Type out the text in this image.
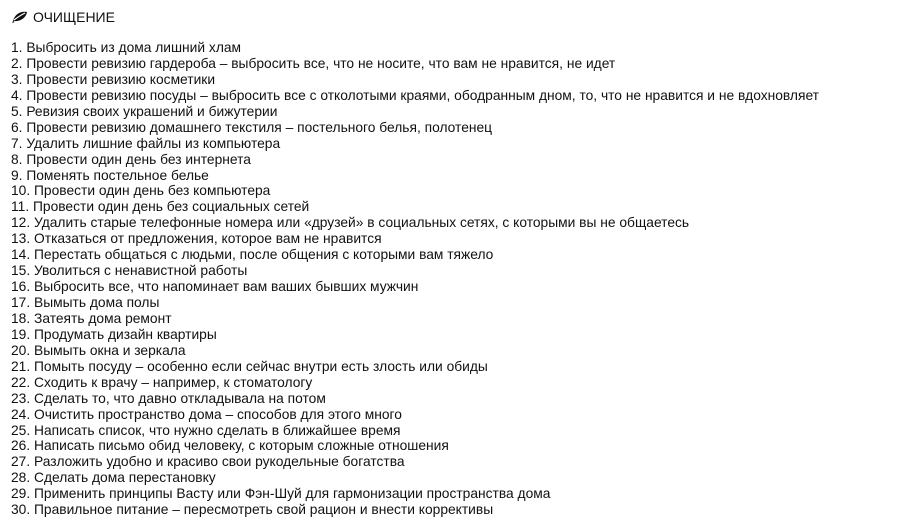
ОЧИЩЕНИЕ
1. Выбросить из дома лишний хлам
2. Провести ревизию гардероба – выбросить все, что не носите, что вам не нравится, не идет
3. Провести ревизию косметики
4. Провести ревизию посуды – выбросить все с отколотыми краями, ободранным дном, то, что не нравится и не вдохновляет
5. Ревизия своих украшений и бижутерии
6. Провести ревизию домашнего текстиля – постельного белья, полотенец
7. Удалить лишние файлы из компьютера
8. Провести один день без интернета
9. Поменять постельное белье
10. Провести один день без компьютера
11. Провести один день без социальных сетей
12. Удалить старые телефонные номера или «друзей» в социальных сетях, с которыми вы не общаетесь
13. Отказаться от предложения, которое вам не нравится
14. Перестать общаться с людьми, после общения с которыми вам тяжело
15. Уволиться с ненавистной работы
16. Выбросить все, что напоминает вам ваших бывших мужчин
17. Вымыть дома полы
18. Затеять дома ремонт
19. Продумать дизайн квартиры
20. Вымыть окна и зеркала
21. Помыть посуду – особенно если сейчас внутри есть злость или обиды
22. Сходить к врачу – например, к стоматологу
23. Сделать то, что давно откладывала на потом
24. Очистить пространство дома – способов для этого много
25. Написать список, что нужно сделать в ближайшее время
26. Написать письмо обид человеку, с которым сложные отношения
27. Разложить удобно и красиво свои рукодельные богатства
28. Сделать дома перестановку
29. Применить принципы Васту или Фэн-Шуй для гармонизации пространства дома
30. Правильное питание – пересмотреть свой рацион и внести коррективы
